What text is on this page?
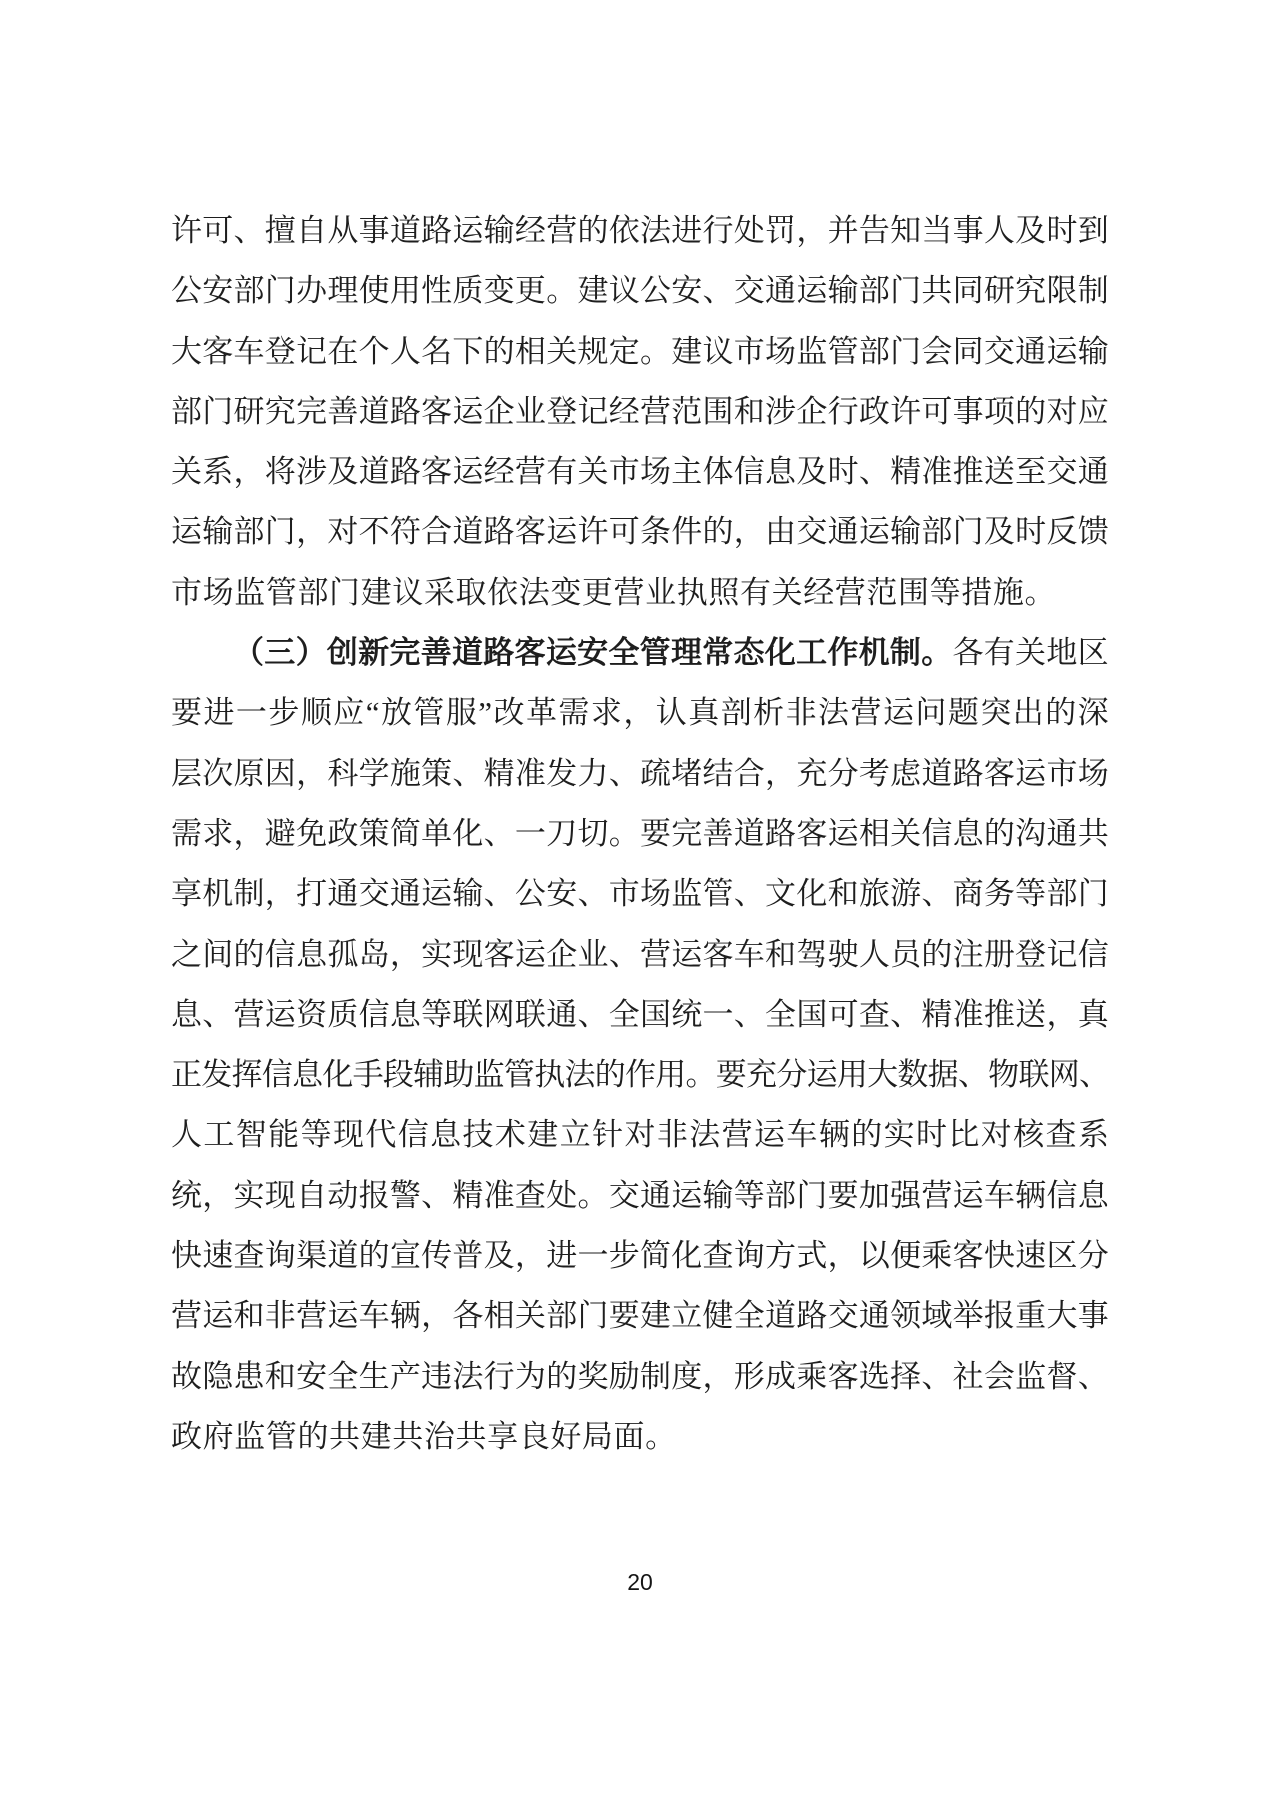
许 可 、 擅 自 从 事 道 路 运 输 经 营 的 依 法 进 行 处 罚 ， 并 告 知 当 事 人 及 时 到
公 安 部 门 办 理 使 用 性 质 变 更 。 建 议 公 安 、 交 通 运 输 部 门 共 同 研 究 限 制
大 客 车 登 记 在 个 人 名 下 的 相 关 规 定 。 建 议 市 场 监 管 部 门 会 同 交 通 运 输
部 门 研 究 完 善 道 路 客 运 企 业 登 记 经 营 范 围 和 涉 企 行 政 许 可 事 项 的 对 应
关 系 ， 将 涉 及 道 路 客 运 经 营 有 关 市 场 主 体 信 息 及 时 、 精 准 推 送 至 交 通
运 输 部 门 ， 对 不 符 合 道 路 客 运 许 可 条 件 的 ， 由 交 通 运 输 部 门 及 时 反 馈
市场监管部门建议采取依法变更营业执照有关经营范围等措施。
（ 三 ） 创 新 完 善 道 路 客 运 安 全 管 理 常 态 化 工 作 机 制 。 各 有 关 地 区
要 进 一 步 顺 应 “ 放 管 服 ” 改 革 需 求 ， 认 真 剖 析 非 法 营 运 问 题 突 出 的 深
层 次 原 因 ， 科 学 施 策 、 精 准 发 力 、 疏 堵 结 合 ， 充 分 考 虑 道 路 客 运 市 场
需 求 ， 避 免 政 策 简 单 化 、 一 刀 切 。 要 完 善 道 路 客 运 相 关 信 息 的 沟 通 共
享 机 制 ， 打 通 交 通 运 输 、 公 安 、 市 场 监 管 、 文 化 和 旅 游 、 商 务 等 部 门
之 间 的 信 息 孤 岛 ， 实 现 客 运 企 业 、 营 运 客 车 和 驾 驶 人 员 的 注 册 登 记 信
息 、 营 运 资 质 信 息 等 联 网 联 通 、 全 国 统 一 、 全 国 可 查 、 精 准 推 送 ， 真
正 发 挥 信 息 化 手 段 辅 助 监 管 执 法 的 作 用 。 要 充 分 运 用 大 数 据 、 物 联 网 、
人 工 智 能 等 现 代 信 息 技 术 建 立 针 对 非 法 营 运 车 辆 的 实 时 比 对 核 查 系
统 ， 实 现 自 动 报 警 、 精 准 查 处 。 交 通 运 输 等 部 门 要 加 强 营 运 车 辆 信 息
快 速 查 询 渠 道 的 宣 传 普 及 ， 进 一 步 简 化 查 询 方 式 ， 以 便 乘 客 快 速 区 分
营 运 和 非 营 运 车 辆 ， 各 相 关 部 门 要 建 立 健 全 道 路 交 通 领 域 举 报 重 大 事
故 隐 患 和 安 全 生 产 违 法 行 为 的 奖 励 制 度 ， 形 成 乘 客 选 择 、 社 会 监 督 、
政府监管的共建共治共享良好局面。
20
